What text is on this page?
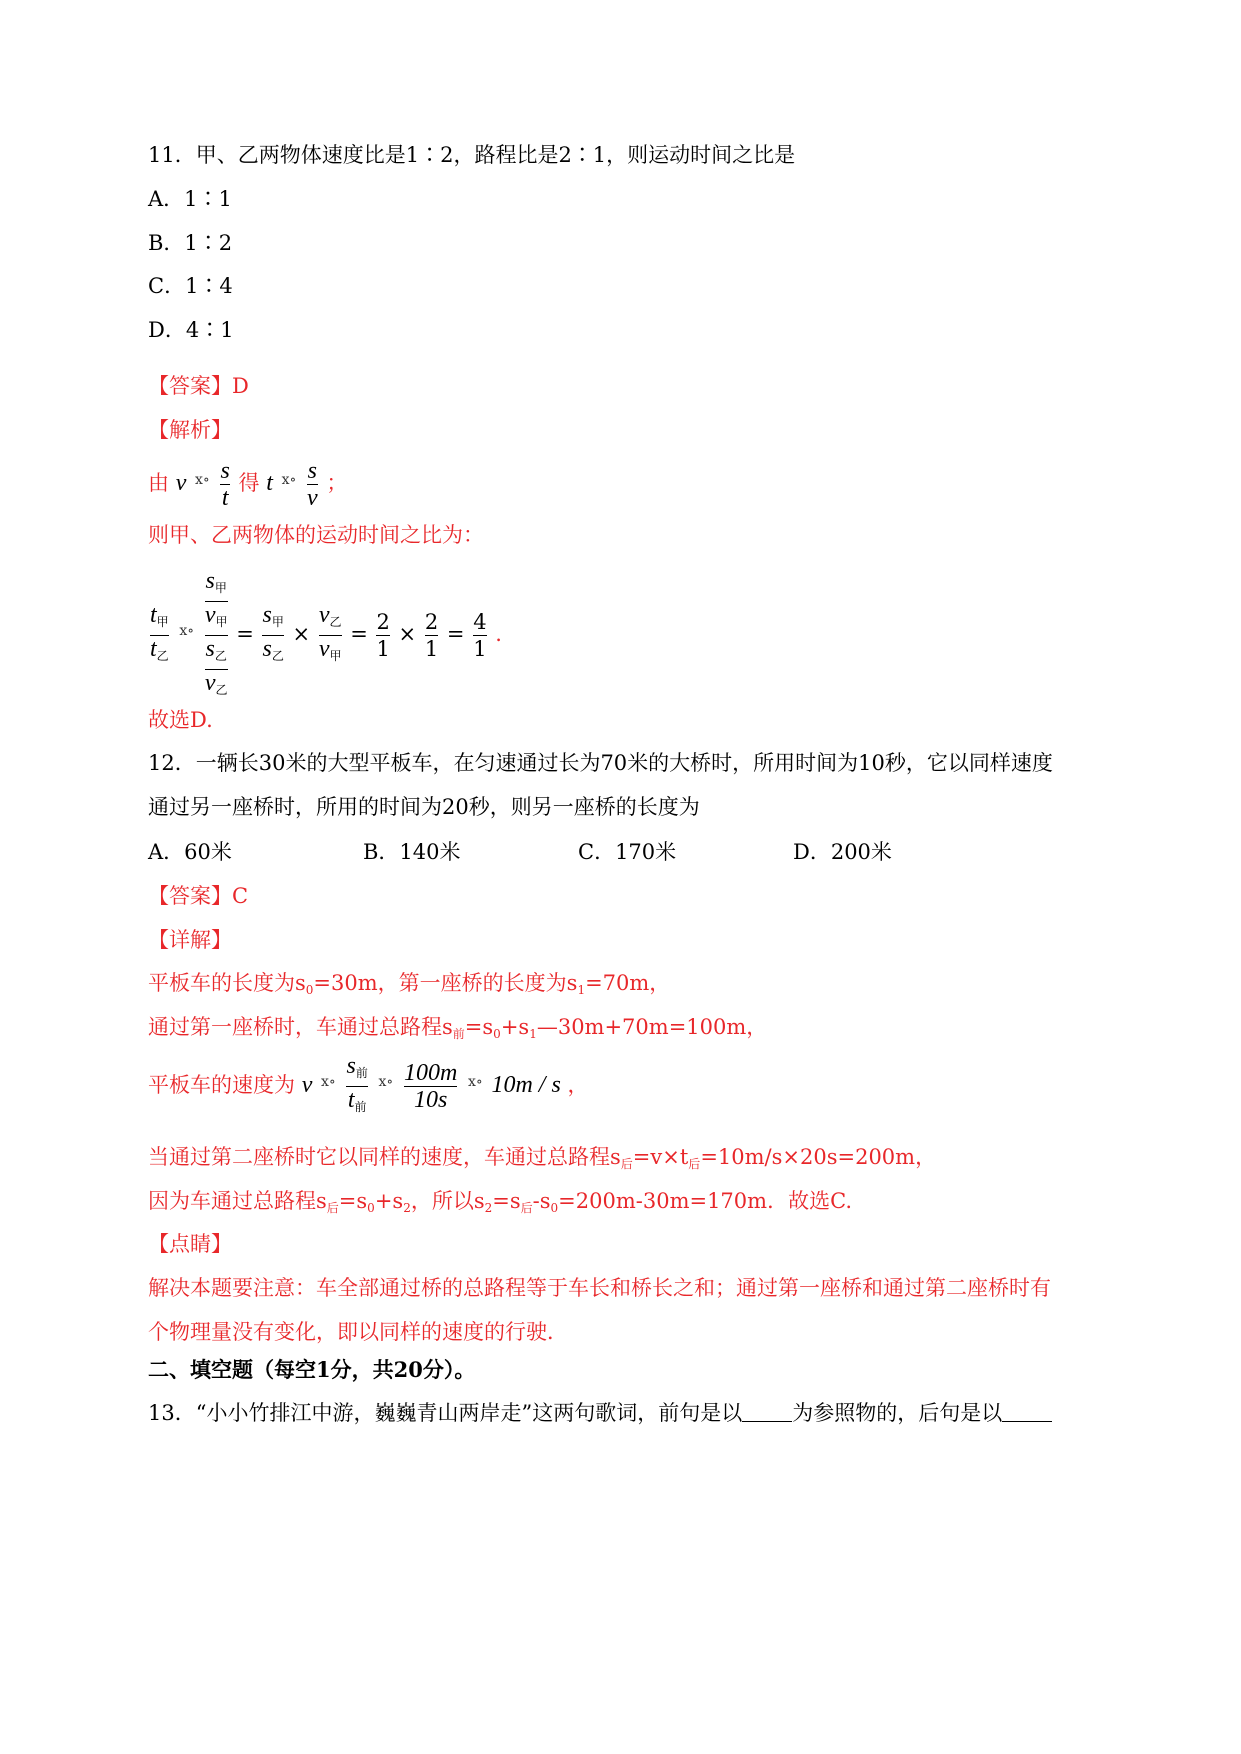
11．甲、乙两物体速度比是1∶2，路程比是2∶1，则运动时间之比是
A．1∶1
B．1∶2
C．1∶4
D．4∶1
【答案】D
【解析】
由 v $^{ⅹ\circ} \frac{s}{t}$ 得 t $^{ⅹ\circ} \frac{s}{v}$ ；
则甲、乙两物体的运动时间之比为：
$\frac{t_甲}{t_乙} ^{ⅹ\circ} \frac{\frac{s_甲}{v_甲}}{\frac{s_乙}{v_乙}} = \frac{s_甲}{s_乙} \times \frac{v_乙}{v_甲} = \frac{2}{1} \times \frac{2}{1} = \frac{4}{1}$ .
故选D.
12．一辆长30米的大型平板车，在匀速通过长为70米的大桥时，所用时间为10秒，它以同样速度
通过另一座桥时，所用的时间为20秒，则另一座桥的长度为
A．60米	B．140米	C．170米	D．200米
【答案】C
【详解】
平板车的长度为$s_0=30m$，第一座桥的长度为$s_1=70m$，
通过第一座桥时，车通过总路程$s_前=s_0+s_1—30m+70m=100m$，
平板车的速度为 v $^{ⅹ\circ} \frac{s_前}{t_前} ^{ⅹ\circ} \frac{100m}{10s} ^{ⅹ\circ}$ 10m / s ，
当通过第二座桥时它以同样的速度，车通过总路程$s_后=v\times t_后=10m/s\times 20s=200m$，
因为车通过总路程$s_后=s_0+s_2$，所以$s_2=s_后-s_0=200m-30m=170m$．故选C.
【点睛】
解决本题要注意：车全部通过桥的总路程等于车长和桥长之和；通过第一座桥和通过第二座桥时有
个物理量没有变化，即以同样的速度的行驶．
二、填空题（每空1分，共20分）。
13．“小小竹排江中游，巍巍青山两岸走”这两句歌词，前句是以 为参照物的，后句是以
